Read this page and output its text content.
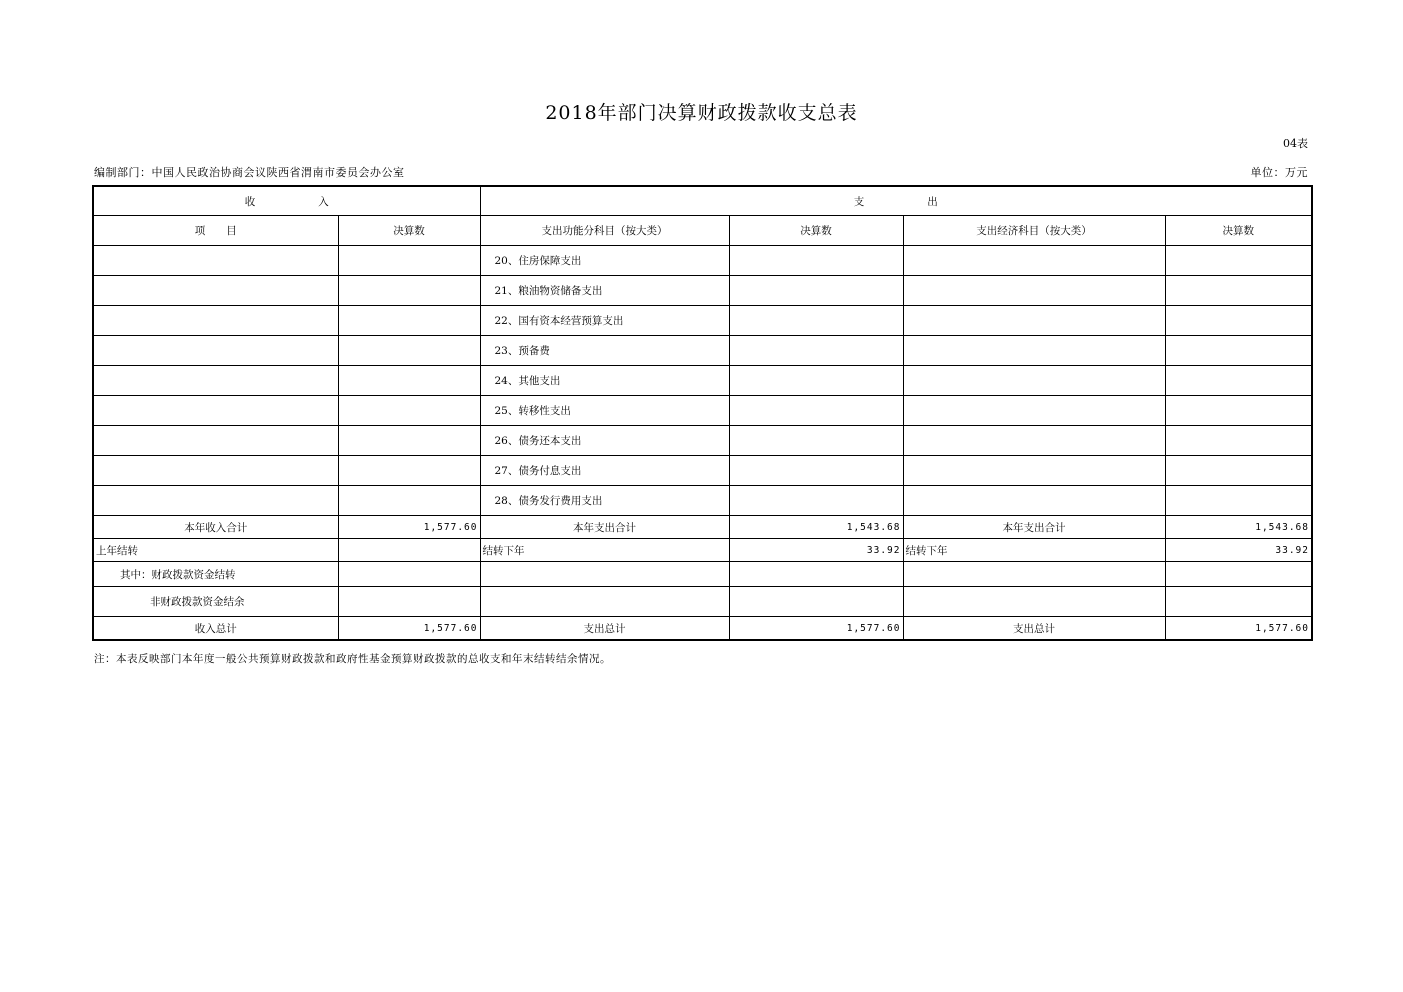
2018年部门决算财政拨款收支总表
04表
编制部门：中国人民政治协商会议陕西省渭南市委员会办公室	单位：万元
收　　　　　　入		支　　　　　　出			
项　　目	决算数	支出功能分科目（按大类）	决算数	支出经济科目（按大类）	决算数
		20、住房保障支出			
		21、粮油物资储备支出			
		22、国有资本经营预算支出			
		23、预备费			
		24、其他支出			
		25、转移性支出			
		26、债务还本支出			
		27、债务付息支出			
		28、债务发行费用支出			
本年收入合计	1,577.60	本年支出合计	1,543.68	本年支出合计	1,543.68
上年结转		结转下年	33.92	结转下年	33.92
其中：财政拨款资金结转					
非财政拨款资金结余					
收入总计	1,577.60	支出总计	1,577.60	支出总计	1,577.60
注：本表反映部门本年度一般公共预算财政拨款和政府性基金预算财政拨款的总收支和年末结转结余情况。
